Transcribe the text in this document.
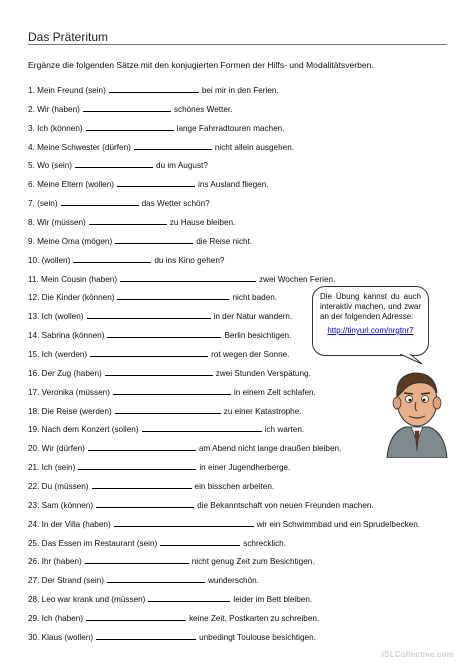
Das Präteritum
Ergänze die folgenden Sätze mit den konjugierten Formen der Hilfs- und Modalitätsverben.
1. Mein Freund (sein)	bei mir in den Ferien.
2. Wir (haben)	schönes Wetter.
3. Ich (können)	lange Fahrradtouren machen.
4. Meine Schwester (dürfen)	nicht allein ausgehen.
5. Wo (sein)	du im August?
6. Meine Eltern (wollen)	ins Ausland fliegen.
7. (sein)	das Wetter schön?
8. Wir (müssen)	zu Hause bleiben.
9. Meine Oma (mögen)	die Reise nicht.
10. (wollen)	du ins Kino gehen?
11. Mein Cousin (haben)	zwei Wochen Ferien.
12. Die Kinder (können)	nicht baden.
13. Ich (wollen)	in der Natur wandern.
14. Sabrina (können)	Berlin besichtigen.
15. Ich (werden)	rot wegen der Sonne.
16. Der Zug (haben)	zwei Stunden Verspätung.
17. Veronika (müssen)	in einem Zelt schlafen.
18. Die Reise (werden)	zu einer Katastrophe.
19. Nach dem Konzert (sollen)	ich warten.
20. Wir (dürfen)	am Abend nicht lange draußen bleiben.
21. Ich (sein)	in einer Jugendherberge.
22. Du (müssen)	ein bisschen arbeiten.
23. Sam (können)	die Bekanntschaft von neuen Freunden machen.
24. In der Villa (haben)	wir ein Schwimmbad und ein Sprudelbecken.
25. Das Essen im Restaurant (sein)	schrecklich.
26. Ihr (haben)	nicht genug Zeit zum Besichtigen.
27. Der Strand (sein)	wunderschön.
28. Leo war krank und (müssen)	leider im Bett bleiben.
29. Ich (haben)	keine Zeit, Postkarten zu schreiben.
30. Klaus (wollen)	unbedingt Toulouse besichtigen.
Die Übung kannst du auch interaktiv machen, und zwar an der folgenden Adresse:
http://tinyurl.com/nrgtnr7
iSLCollective.com
